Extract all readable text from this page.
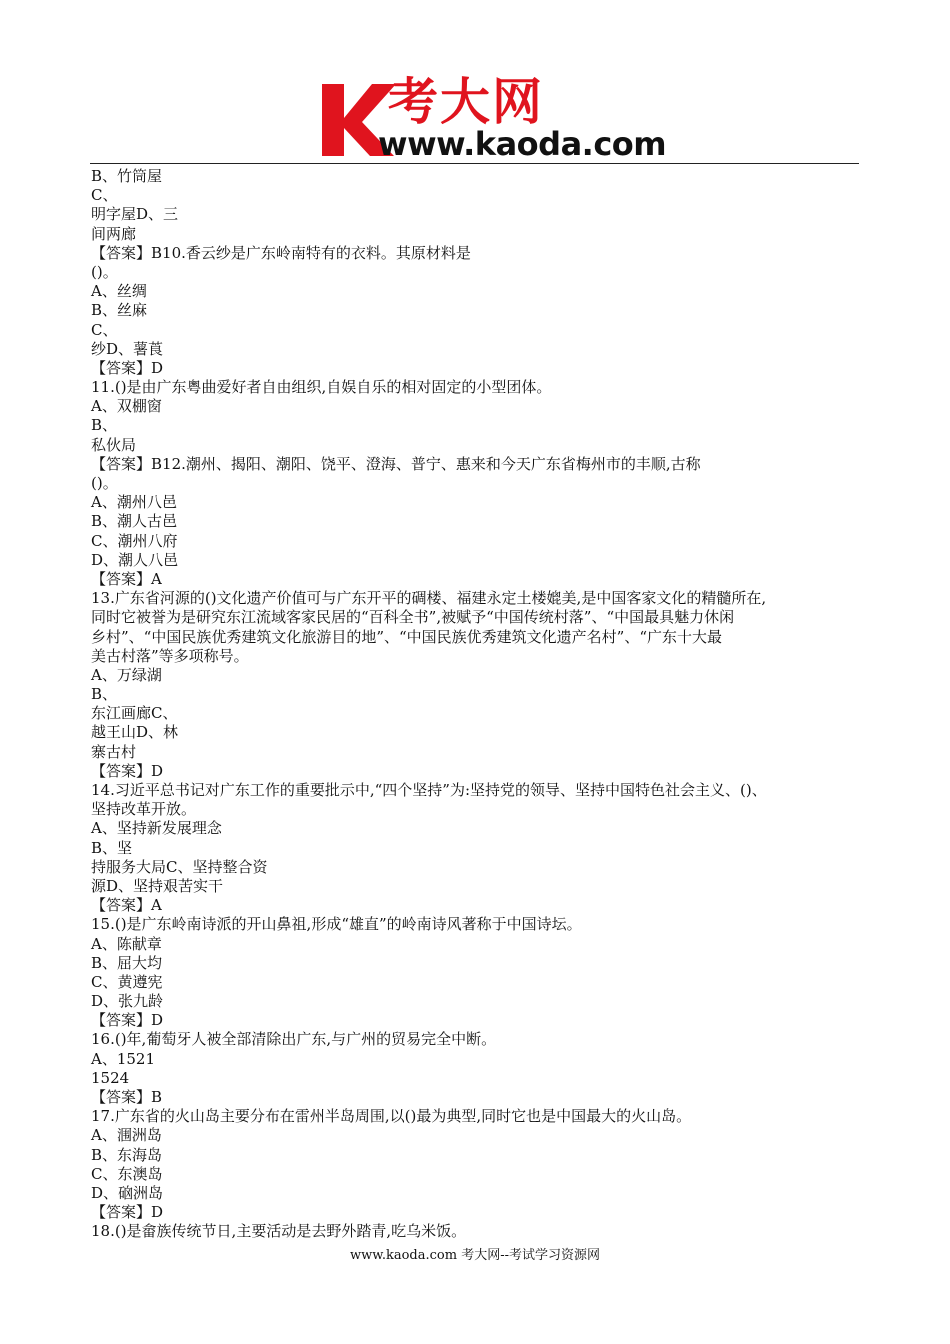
考大网
www.kaoda.com
B、竹筒屋
C、
明字屋D、三
间两廊
【答案】B10.香云纱是广东岭南特有的衣料。其原材料是
()。
A、丝绸
B、丝麻
C、
纱D、薯莨
【答案】D
11.()是由广东粤曲爱好者自由组织,自娱自乐的相对固定的小型团体。
A、双棚窗
B、
私伙局
【答案】B12.潮州、揭阳、潮阳、饶平、澄海、普宁、惠来和今天广东省梅州市的丰顺,古称
()。
A、潮州八邑
B、潮人古邑
C、潮州八府
D、潮人八邑
【答案】A
13.广东省河源的()文化遗产价值可与广东开平的碉楼、福建永定土楼媲美,是中国客家文化的精髓所在,
同时它被誉为是研究东江流域客家民居的“百科全书”,被赋予“中国传统村落”、“中国最具魅力休闲
乡村”、“中国民族优秀建筑文化旅游目的地”、“中国民族优秀建筑文化遗产名村”、“广东十大最
美古村落”等多项称号。
A、万绿湖
B、
东江画廊C、
越王山D、林
寨古村
【答案】D
14.习近平总书记对广东工作的重要批示中,“四个坚持”为:坚持党的领导、坚持中国特色社会主义、()、
坚持改革开放。
A、坚持新发展理念
B、坚
持服务大局C、坚持整合资
源D、坚持艰苦实干
【答案】A
15.()是广东岭南诗派的开山鼻祖,形成“雄直”的岭南诗风著称于中国诗坛。
A、陈献章
B、屈大均
C、黄遵宪
D、张九龄
【答案】D
16.()年,葡萄牙人被全部清除出广东,与广州的贸易完全中断。
A、1521
1524
【答案】B
17.广东省的火山岛主要分布在雷州半岛周围,以()最为典型,同时它也是中国最大的火山岛。
A、涠洲岛
B、东海岛
C、东澳岛
D、硇洲岛
【答案】D
18.()是畲族传统节日,主要活动是去野外踏青,吃乌米饭。
www.kaoda.com 考大网--考试学习资源网
